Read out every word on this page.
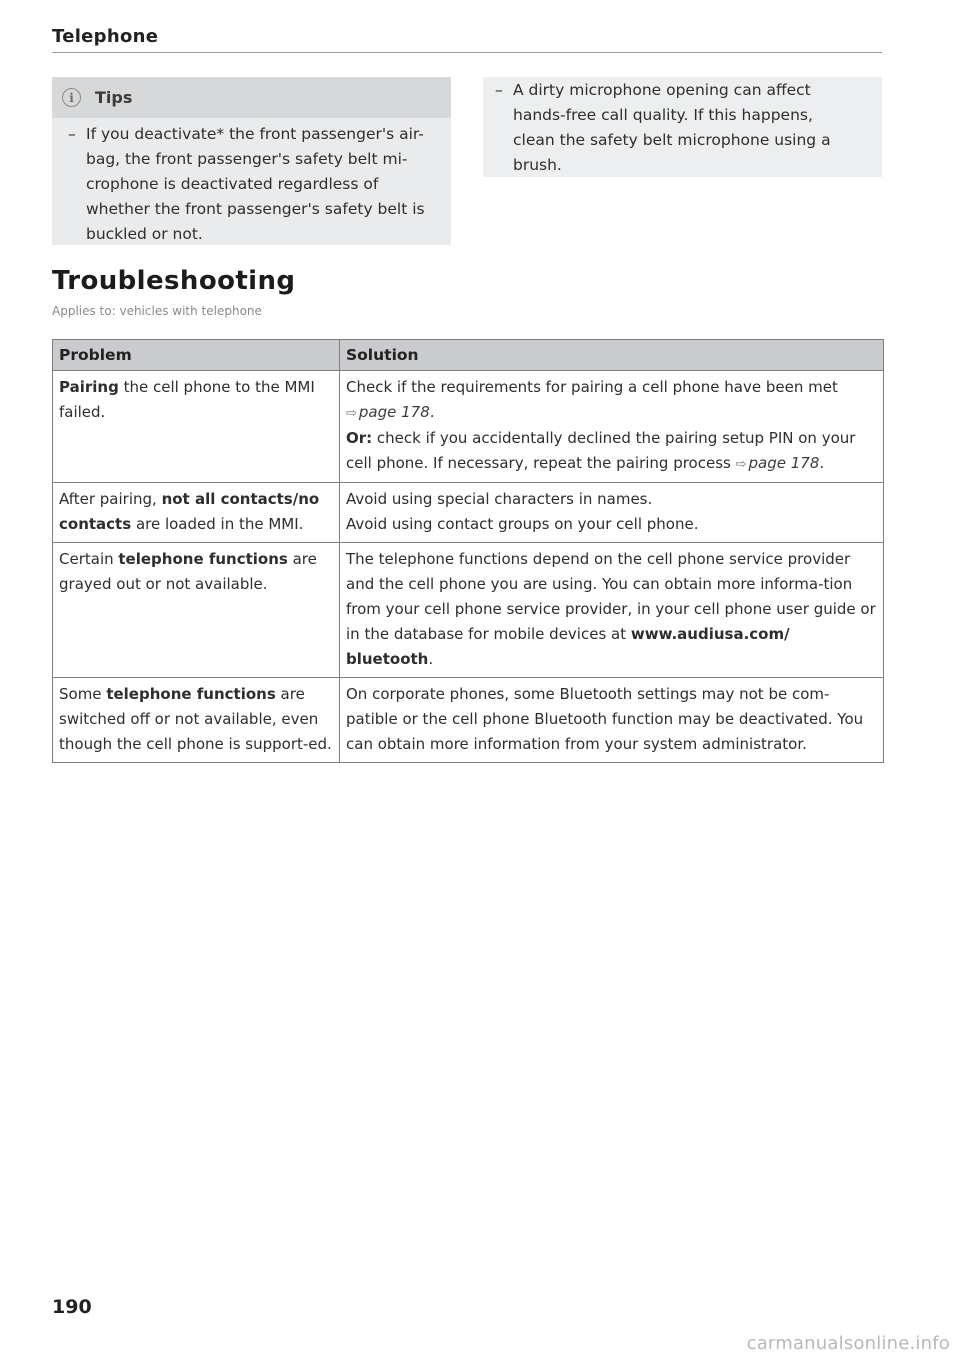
Telephone
i	Tips
– If you deactivate* the front passenger's air-bag, the front passenger's safety belt mi-crophone is deactivated regardless of whether the front passenger's safety belt is buckled or not.
– A dirty microphone opening can affect hands-free call quality. If this happens, clean the safety belt microphone using a brush.
Troubleshooting
Applies to: vehicles with telephone
Problem	Solution
Pairing the cell phone to the MMI failed.	Check if the requirements for pairing a cell phone have been met ⇨ page 178.
Or: check if you accidentally declined the pairing setup PIN on your cell phone. If necessary, repeat the pairing process ⇨ page 178.

After pairing, not all contacts/no contacts are loaded in the MMI.	Avoid using special characters in names.
Avoid using contact groups on your cell phone.

Certain telephone functions are grayed out or not available.	The telephone functions depend on the cell phone service provider and the cell phone you are using. You can obtain more informa-tion from your cell phone service provider, in your cell phone user guide or in the database for mobile devices at www.audiusa.com/ bluetooth.
Some telephone functions are switched off or not available, even though the cell phone is support-ed.	On corporate phones, some Bluetooth settings may not be com-patible or the cell phone Bluetooth function may be deactivated. You can obtain more information from your system administrator.
190
carmanualsonline.info
